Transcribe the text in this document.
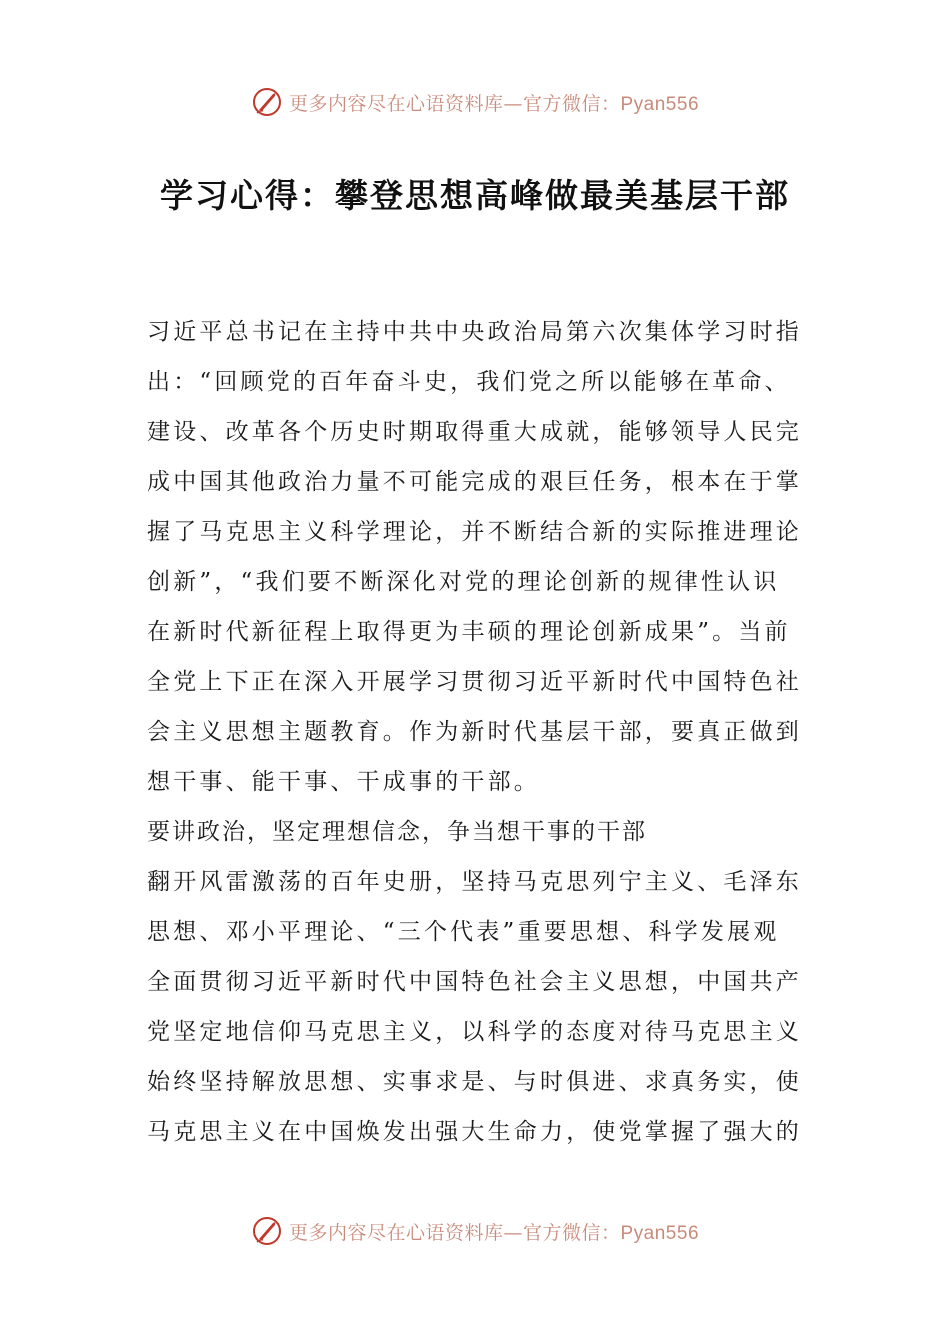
更多内容尽在心语资料库—官方微信：Pyan556
学习心得：攀登思想高峰做最美基层干部
习近平总书记在主持中共中央政治局第六次集体学习时指
出：“回顾党的百年奋斗史，我们党之所以能够在革命、
建设、改革各个历史时期取得重大成就，能够领导人民完
成中国其他政治力量不可能完成的艰巨任务，根本在于掌
握了马克思主义科学理论，并不断结合新的实际推进理论
创新”，“我们要不断深化对党的理论创新的规律性认识
在新时代新征程上取得更为丰硕的理论创新成果”。当前
全党上下正在深入开展学习贯彻习近平新时代中国特色社
会主义思想主题教育。作为新时代基层干部，要真正做到
想干事、能干事、干成事的干部。
要讲政治，坚定理想信念，争当想干事的干部
翻开风雷激荡的百年史册，坚持马克思列宁主义、毛泽东
思想、邓小平理论、“三个代表”重要思想、科学发展观
全面贯彻习近平新时代中国特色社会主义思想，中国共产
党坚定地信仰马克思主义，以科学的态度对待马克思主义
始终坚持解放思想、实事求是、与时俱进、求真务实，使
马克思主义在中国焕发出强大生命力，使党掌握了强大的
更多内容尽在心语资料库—官方微信：Pyan556
